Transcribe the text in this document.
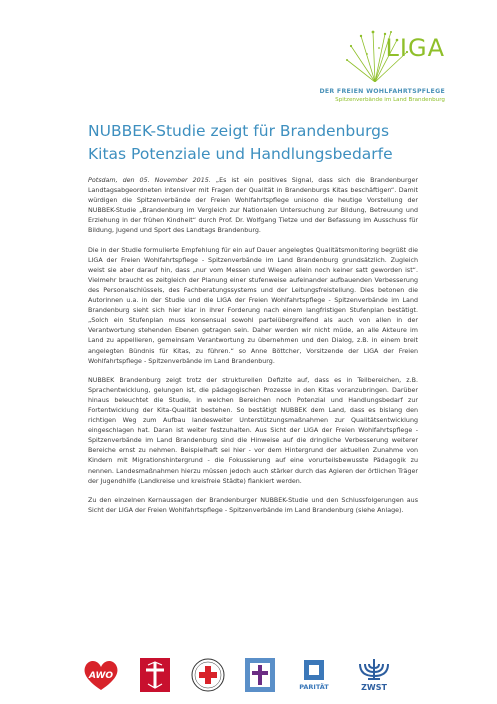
LIGA
DER FREIEN WOHLFAHRTSPFLEGE
Spitzenverbände im Land Brandenburg
NUBBEK-Studie zeigt für Brandenburgs
Kitas Potenziale und Handlungsbedarfe

Potsdam, den 05. November 2015. „Es ist ein positives Signal, dass sich die Brandenburger Landtagsabgeordneten intensiver mit Fragen der Qualität in Brandenburgs Kitas beschäftigen“. Damit würdigen die Spitzenverbände der Freien Wohlfahrtspflege unisono die heutige Vorstellung der NUBBEK-Studie „Brandenburg im Vergleich zur Nationalen Untersuchung zur Bildung, Betreuung und Erziehung in der frühen Kindheit“ durch Prof. Dr. Wolfgang Tietze und der Befassung im Ausschuss für Bildung, Jugend und Sport des Landtags Brandenburg.

Die in der Studie formulierte Empfehlung für ein auf Dauer angelegtes Qualitätsmonitoring begrüßt die LIGA der Freien Wohlfahrtspflege - Spitzenverbände im Land Brandenburg grundsätzlich. Zugleich weist sie aber darauf hin, dass „nur vom Messen und Wiegen allein noch keiner satt geworden ist“. Vielmehr braucht es zeitgleich der Planung einer stufenweise aufeinander aufbauenden Verbesserung des Personalschlüssels, des Fachberatungssystems und der Leitungsfreistellung. Dies betonen die Autorinnen u.a. in der Studie und die LIGA der Freien Wohlfahrtspflege - Spitzenverbände im Land Brandenburg sieht sich hier klar in ihrer Forderung nach einem langfristigen Stufenplan bestätigt. „Solch ein Stufenplan muss konsensual sowohl parteiübergreifend als auch von allen in der Verantwortung stehenden Ebenen getragen sein. Daher werden wir nicht müde, an alle Akteure im Land zu appellieren, gemeinsam Verantwortung zu übernehmen und den Dialog, z.B. in einem breit angelegten Bündnis für Kitas, zu führen.“ so Anne Böttcher, Vorsitzende der LIGA der Freien Wohlfahrtspflege - Spitzenverbände im Land Brandenburg.

NUBBEK Brandenburg zeigt trotz der strukturellen Defizite auf, dass es in Teilbereichen, z.B. Sprachentwicklung, gelungen ist, die pädagogischen Prozesse in den Kitas voranzubringen. Darüber hinaus beleuchtet die Studie, in welchen Bereichen noch Potenzial und Handlungsbedarf zur Fortentwicklung der Kita-Qualität bestehen. So bestätigt NUBBEK dem Land, dass es bislang den richtigen Weg zum Aufbau landesweiter Unterstützungsmaßnahmen zur Qualitätsentwicklung eingeschlagen hat. Daran ist weiter festzuhalten. Aus Sicht der LIGA der Freien Wohlfahrtspflege - Spitzenverbände im Land Brandenburg sind die Hinweise auf die dringliche Verbesserung weiterer Bereiche ernst zu nehmen. Beispielhaft sei hier - vor dem Hintergrund der aktuellen Zunahme von Kindern mit Migrationshintergrund - die Fokussierung auf eine vorurteilsbewusste Pädagogik zu nennen. Landesmaßnahmen hierzu müssen jedoch auch stärker durch das Agieren der örtlichen Träger der Jugendhilfe (Landkreise und kreisfreie Städte) flankiert werden.

Zu den einzelnen Kernaussagen der Brandenburger NUBBEK-Studie und den Schlussfolgerungen aus Sicht der LIGA der Freien Wohlfahrtspflege - Spitzenverbände im Land Brandenburg (siehe Anlage).

AWO
PARITÄT	ZWST
